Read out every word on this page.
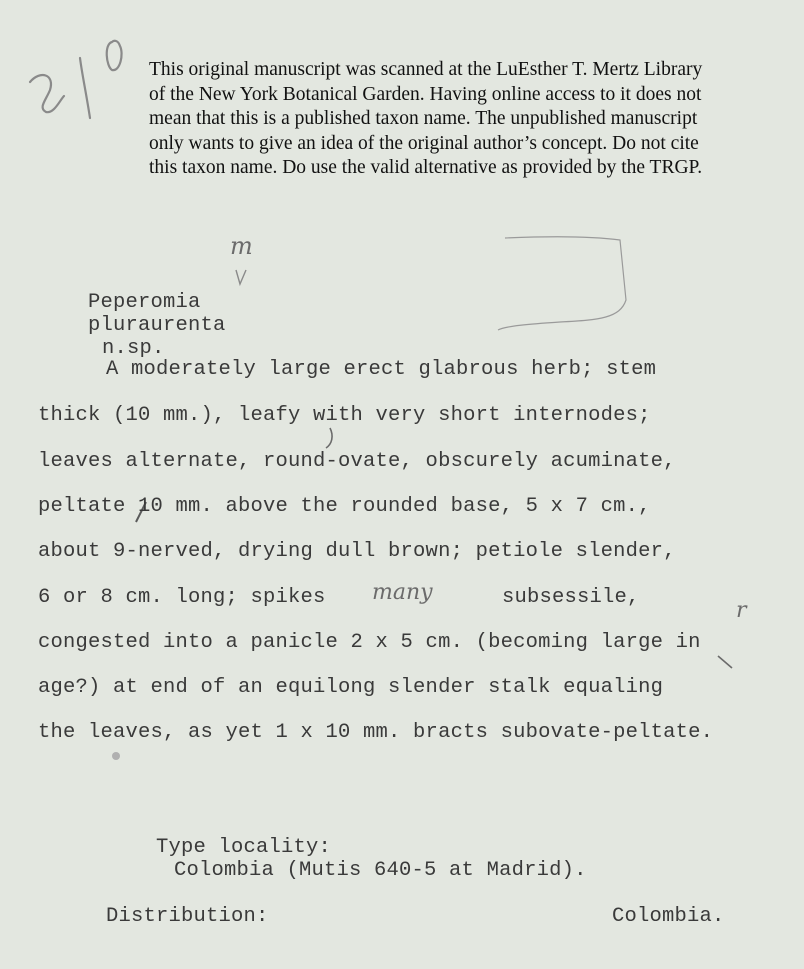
This original manuscript was scanned at the LuEsther T. Mertz Library
of the New York Botanical Garden. Having online access to it does not
mean that this is a published taxon name. The unpublished manuscript
only wants to give an idea of the original author’s concept. Do not cite
this taxon name. Do use the valid alternative as provided by the TRGP.
m
many
r

Peperomia
pluraurenta
n.sp.

A moderately large erect glabrous herb; stem
thick (10 mm.), leafy with very short internodes;
leaves alternate, round-ovate, obscurely acuminate,
peltate 10 mm. above the rounded base, 5 x 7 cm.,
about 9-nerved, drying dull brown; petiole slender,
6 or 8 cm. long; spikes	subsessile,
congested into a panicle 2 x 5 cm. (becoming large in
age?) at end of an equilong slender stalk equaling
the leaves, as yet 1 x 10 mm. bracts subovate-peltate.

Type locality:
Colombia (Mutis 640-5 at Madrid).

Distribution:	Colombia.
